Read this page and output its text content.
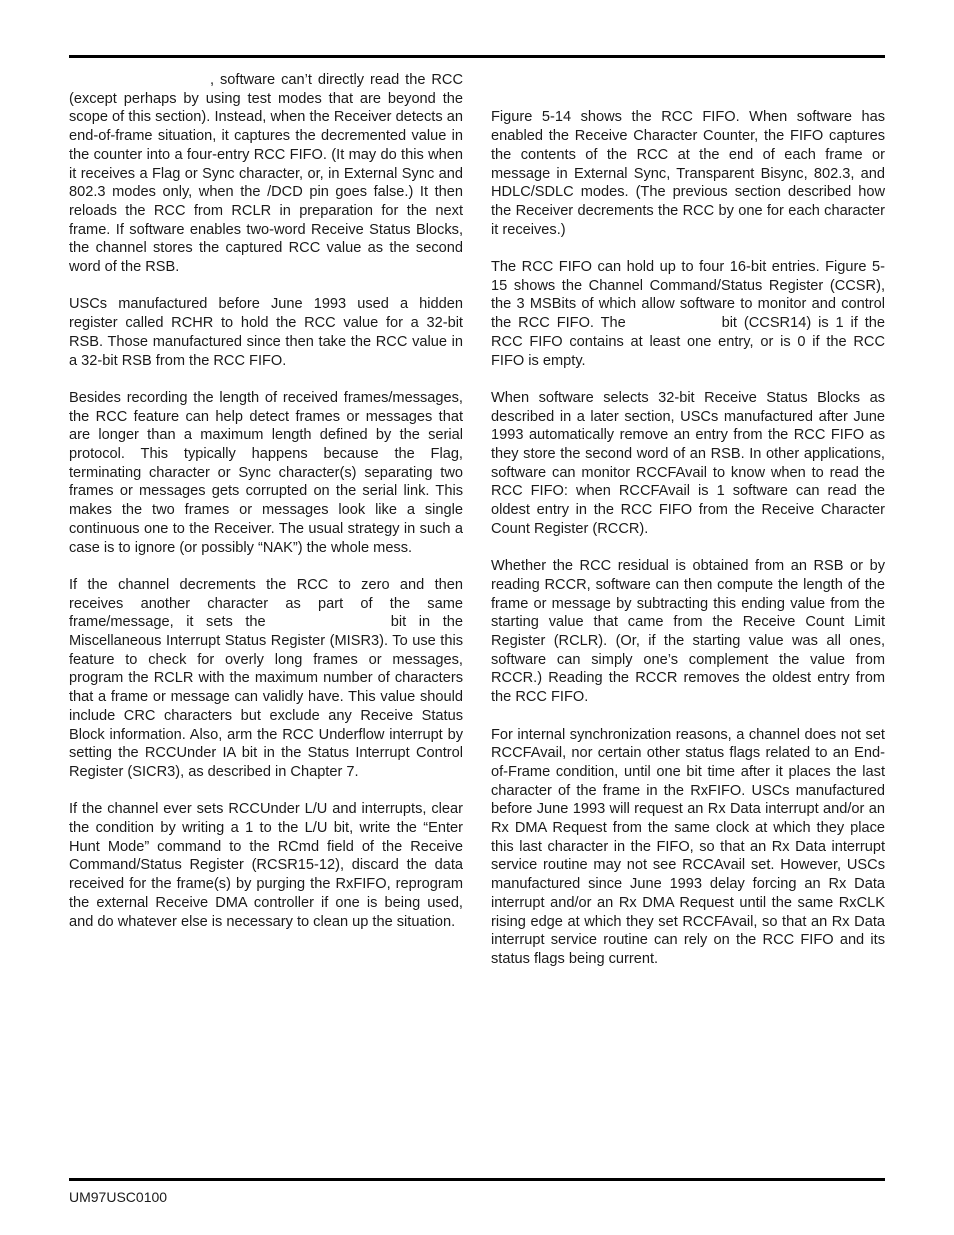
, software can’t directly read the RCC (except perhaps by using test modes that are beyond the scope of this section). Instead, when the Receiver detects an end-of-frame situation, it captures the decremented value in the counter into a four-entry RCC FIFO. (It may do this when it receives a Flag or Sync character, or, in External Sync and 802.3 modes only, when the /DCD pin goes false.) It then reloads the RCC from RCLR in preparation for the next frame. If software enables two-word Receive Status Blocks, the channel stores the captured RCC value as the second word of the RSB.

USCs manufactured before June 1993 used a hidden register called RCHR to hold the RCC value for a 32-bit RSB. Those manufactured since then take the RCC value in a 32-bit RSB from the RCC FIFO.

Besides recording the length of received frames/messages, the RCC feature can help detect frames or messages that are longer than a maximum length defined by the serial protocol. This typically happens because the Flag, terminating character or Sync character(s) separating two frames or messages gets corrupted on the serial link. This makes the two frames or messages look like a single continuous one to the Receiver. The usual strategy in such a case is to ignore (or possibly “NAK”) the whole mess.

If the channel decrements the RCC to zero and then receives another character as part of the same frame/message, it sets the	bit in the Miscellaneous Interrupt Status Register (MISR3). To use this feature to check for overly long frames or messages, program the RCLR with the maximum number of characters that a frame or message can validly have. This value should include CRC characters but exclude any Receive Status Block information. Also, arm the RCC Underflow interrupt by setting the RCCUnder IA bit in the Status Interrupt Control Register (SICR3), as described in Chapter 7.

If the channel ever sets RCCUnder L/U and interrupts, clear the condition by writing a 1 to the L/U bit, write the “Enter Hunt Mode” command to the RCmd field of the Receive Command/Status Register (RCSR15-12), discard the data received for the frame(s) by purging the RxFIFO, reprogram the external Receive DMA controller if one is being used, and do whatever else is necessary to clean up the situation.

Figure 5-14 shows the RCC FIFO. When software has enabled the Receive Character Counter, the FIFO captures the contents of the RCC at the end of each frame or message in External Sync, Transparent Bisync, 802.3, and HDLC/SDLC modes. (The previous section described how the Receiver decrements the RCC by one for each character it receives.)

The RCC FIFO can hold up to four 16-bit entries. Figure 5-15 shows the Channel Command/Status Register (CCSR), the 3 MSBits of which allow software to monitor and control the RCC FIFO. The	bit (CCSR14) is 1 if the RCC FIFO contains at least one entry, or is 0 if the RCC FIFO is empty.

When software selects 32-bit Receive Status Blocks as described in a later section, USCs manufactured after June 1993 automatically remove an entry from the RCC FIFO as they store the second word of an RSB. In other applications, software can monitor RCCFAvail to know when to read the RCC FIFO: when RCCFAvail is 1 software can read the oldest entry in the RCC FIFO from the Receive Character Count Register (RCCR).

Whether the RCC residual is obtained from an RSB or by reading RCCR, software can then compute the length of the frame or message by subtracting this ending value from the starting value that came from the Receive Count Limit Register (RCLR). (Or, if the starting value was all ones, software can simply one’s complement the value from RCCR.) Reading the RCCR removes the oldest entry from the RCC FIFO.

For internal synchronization reasons, a channel does not set RCCFAvail, nor certain other status flags related to an End-of-Frame condition, until one bit time after it places the last character of the frame in the RxFIFO. USCs manufactured before June 1993 will request an Rx Data interrupt and/or an Rx DMA Request from the same clock at which they place this last character in the FIFO, so that an Rx Data interrupt service routine may not see RCCAvail set. However, USCs manufactured since June 1993 delay forcing an Rx Data interrupt and/or an Rx DMA Request until the same RxCLK rising edge at which they set RCCFAvail, so that an Rx Data interrupt service routine can rely on the RCC FIFO and its status flags being current.

UM97USC0100
